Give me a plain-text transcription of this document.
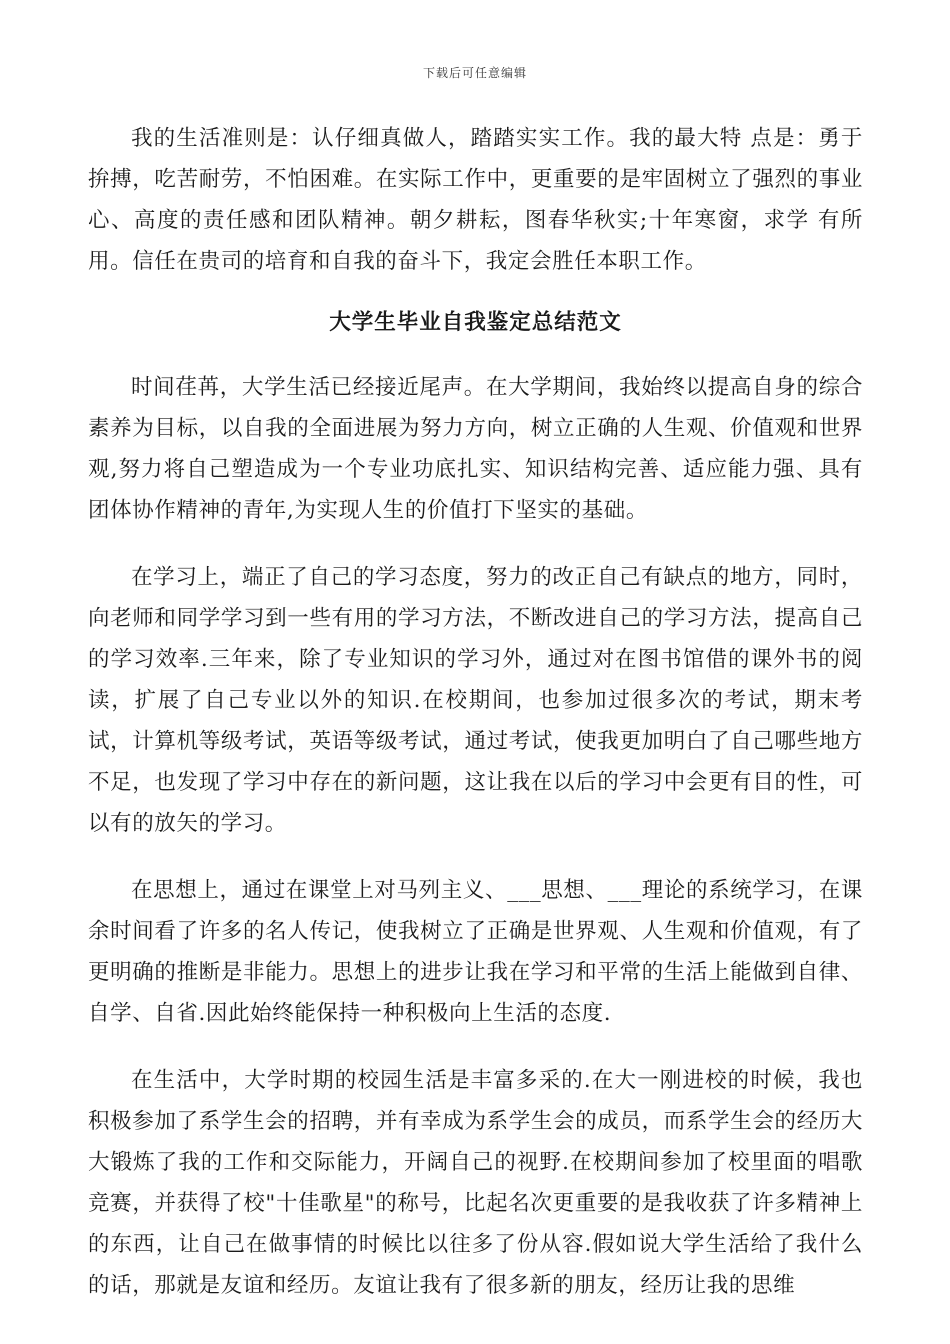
下载后可任意编辑

我的生活准则是：认仔细真做人，踏踏实实工作。我的最大特 点是：勇于拚搏，吃苦耐劳，不怕困难。在实际工作中，更重要的是牢固树立了强烈的事业心、高度的责任感和团队精神。朝夕耕耘，图春华秋实;十年寒窗，求学 有所用。信任在贵司的培育和自我的奋斗下，我定会胜任本职工作。

大学生毕业自我鉴定总结范文

时间荏苒，大学生活已经接近尾声。在大学期间，我始终以提高自身的综合素养为目标，以自我的全面进展为努力方向，树立正确的人生观、价值观和世界观,努力将自己塑造成为一个专业功底扎实、知识结构完善、适应能力强、具有团体协作精神的青年,为实现人生的价值打下坚实的基础。

在学习上，端正了自己的学习态度，努力的改正自己有缺点的地方，同时，向老师和同学学习到一些有用的学习方法，不断改进自己的学习方法，提高自己的学习效率.三年来，除了专业知识的学习外，通过对在图书馆借的课外书的阅读，扩展了自己专业以外的知识.在校期间，也参加过很多次的考试，期末考试，计算机等级考试，英语等级考试，通过考试，使我更加明白了自己哪些地方不足，也发现了学习中存在的新问题，这让我在以后的学习中会更有目的性，可以有的放矢的学习。

在思想上，通过在课堂上对马列主义、___思想、___理论的系统学习，在课余时间看了许多的名人传记，使我树立了正确是世界观、人生观和价值观，有了更明确的推断是非能力。思想上的进步让我在学习和平常的生活上能做到自律、自学、自省.因此始终能保持一种积极向上生活的态度.

在生活中，大学时期的校园生活是丰富多采的.在大一刚进校的时候，我也积极参加了系学生会的招聘，并有幸成为系学生会的成员，而系学生会的经历大大锻炼了我的工作和交际能力，开阔自己的视野.在校期间参加了校里面的唱歌竞赛，并获得了校"十佳歌星"的称号，比起名次更重要的是我收获了许多精神上的东西，让自己在做事情的时候比以往多了份从容.假如说大学生活给了我什么的话，那就是友谊和经历。友谊让我有了很多新的朋友，经历让我的思维
